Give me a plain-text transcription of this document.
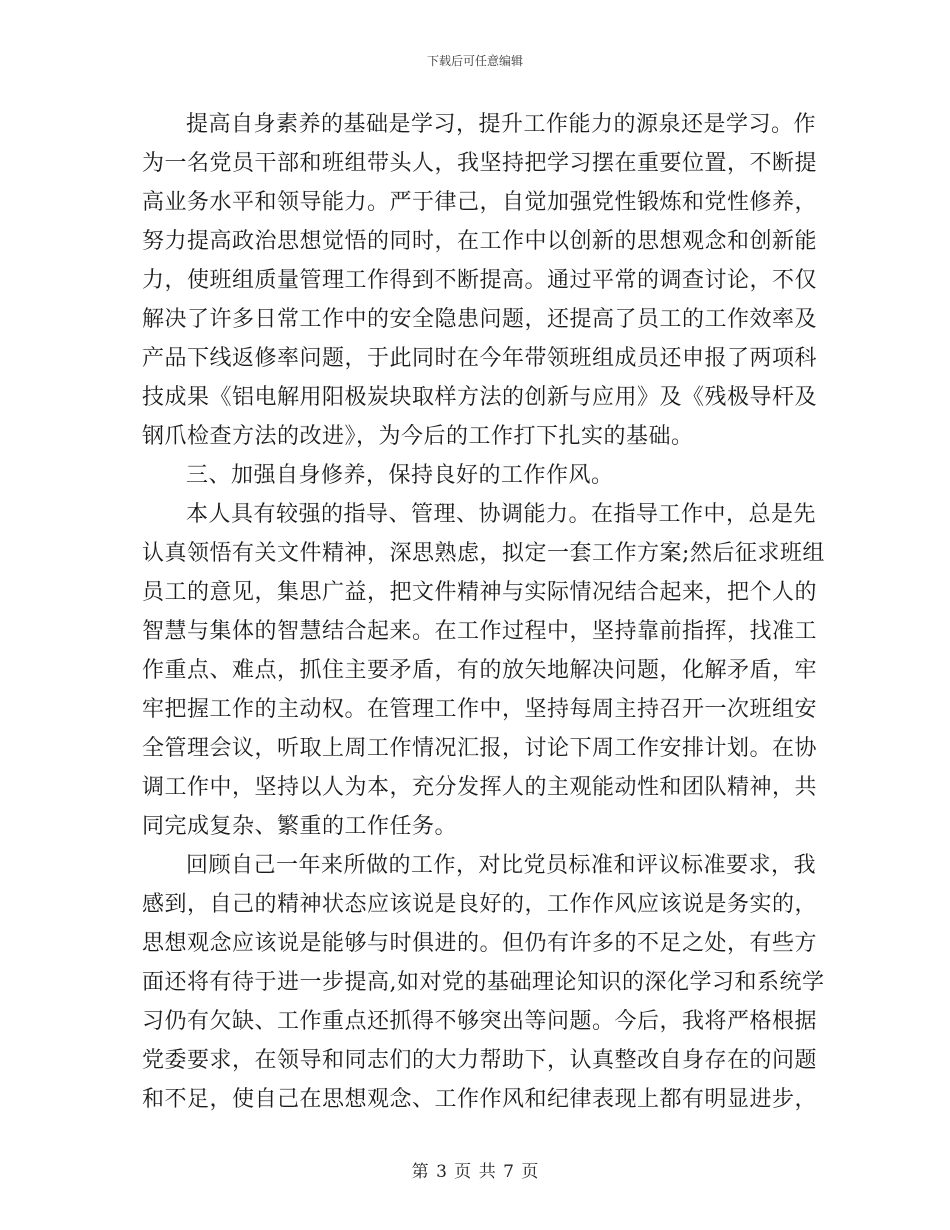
下载后可任意编辑
提高自身素养的基础是学习，提升工作能力的源泉还是学习。作
为一名党员干部和班组带头人，我坚持把学习摆在重要位置，不断提
高业务水平和领导能力。严于律己，自觉加强党性锻炼和党性修养，
努力提高政治思想觉悟的同时，在工作中以创新的思想观念和创新能
力，使班组质量管理工作得到不断提高。通过平常的调查讨论，不仅
解决了许多日常工作中的安全隐患问题，还提高了员工的工作效率及
产品下线返修率问题，于此同时在今年带领班组成员还申报了两项科
技成果《铝电解用阳极炭块取样方法的创新与应用》及《残极导杆及
钢爪检查方法的改进》，为今后的工作打下扎实的基础。
三、加强自身修养，保持良好的工作作风。
本人具有较强的指导、管理、协调能力。在指导工作中，总是先
认真领悟有关文件精神，深思熟虑，拟定一套工作方案;然后征求班组
员工的意见，集思广益，把文件精神与实际情况结合起来，把个人的
智慧与集体的智慧结合起来。在工作过程中，坚持靠前指挥，找准工
作重点、难点，抓住主要矛盾，有的放矢地解决问题，化解矛盾，牢
牢把握工作的主动权。在管理工作中，坚持每周主持召开一次班组安
全管理会议，听取上周工作情况汇报，讨论下周工作安排计划。在协
调工作中，坚持以人为本，充分发挥人的主观能动性和团队精神，共
同完成复杂、繁重的工作任务。
回顾自己一年来所做的工作，对比党员标准和评议标准要求，我
感到，自己的精神状态应该说是良好的，工作作风应该说是务实的，
思想观念应该说是能够与时俱进的。但仍有许多的不足之处，有些方
面还将有待于进一步提高,如对党的基础理论知识的深化学习和系统学
习仍有欠缺、工作重点还抓得不够突出等问题。今后，我将严格根据
党委要求，在领导和同志们的大力帮助下，认真整改自身存在的问题
和不足，使自己在思想观念、工作作风和纪律表现上都有明显进步，
第 3 页 共 7 页
